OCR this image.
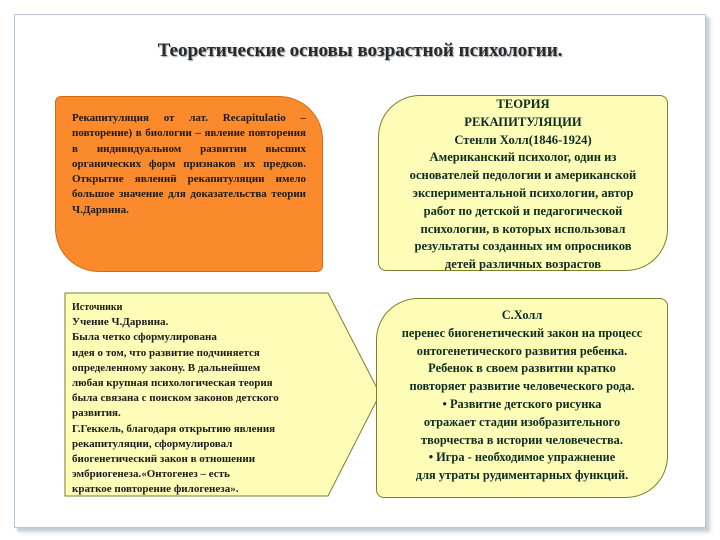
Теоретические основы возрастной психологии.
Рекапитуляция от лат. Recapitulatio – повторение) в биологии – явление повторения в индивидуальном развитии высших органических форм признаков их предков. Открытие явлений рекапитуляции имело большое значение для доказательства теории Ч.Дарвина.
ТЕОРИЯ
РЕКАПИТУЛЯЦИИ
Стенли Холл(1846-1924)
Американский психолог, один из
основателей педологии и американской
экспериментальной психологии, автор
работ по детской и педагогической
психологии, в которых использовал
результаты созданных им опросников
детей различных возрастов
Источники
Учение Ч.Дарвина.
Была четко сформулирована
идея о том, что развитие подчиняется
определенному закону. В дальнейшем
любая крупная психологическая теория
была связана с поиском законов детского
развития.
Г.Геккель, благодаря открытию явления
рекапитуляции, сформулировал
биогенетический закон в отношении
эмбриогенеза.«Онтогенез – есть
краткое повторение филогенеза».
С.Холл
перенес биогенетический закон на процесс
онтогенетического развития ребенка.
Ребенок в своем развитии кратко
повторяет развитие человеческого рода.
• Развитие детского рисунка
отражает стадии изобразительного
творчества в истории человечества.
• Игра - необходимое упражнение
для утраты рудиментарных функций.
